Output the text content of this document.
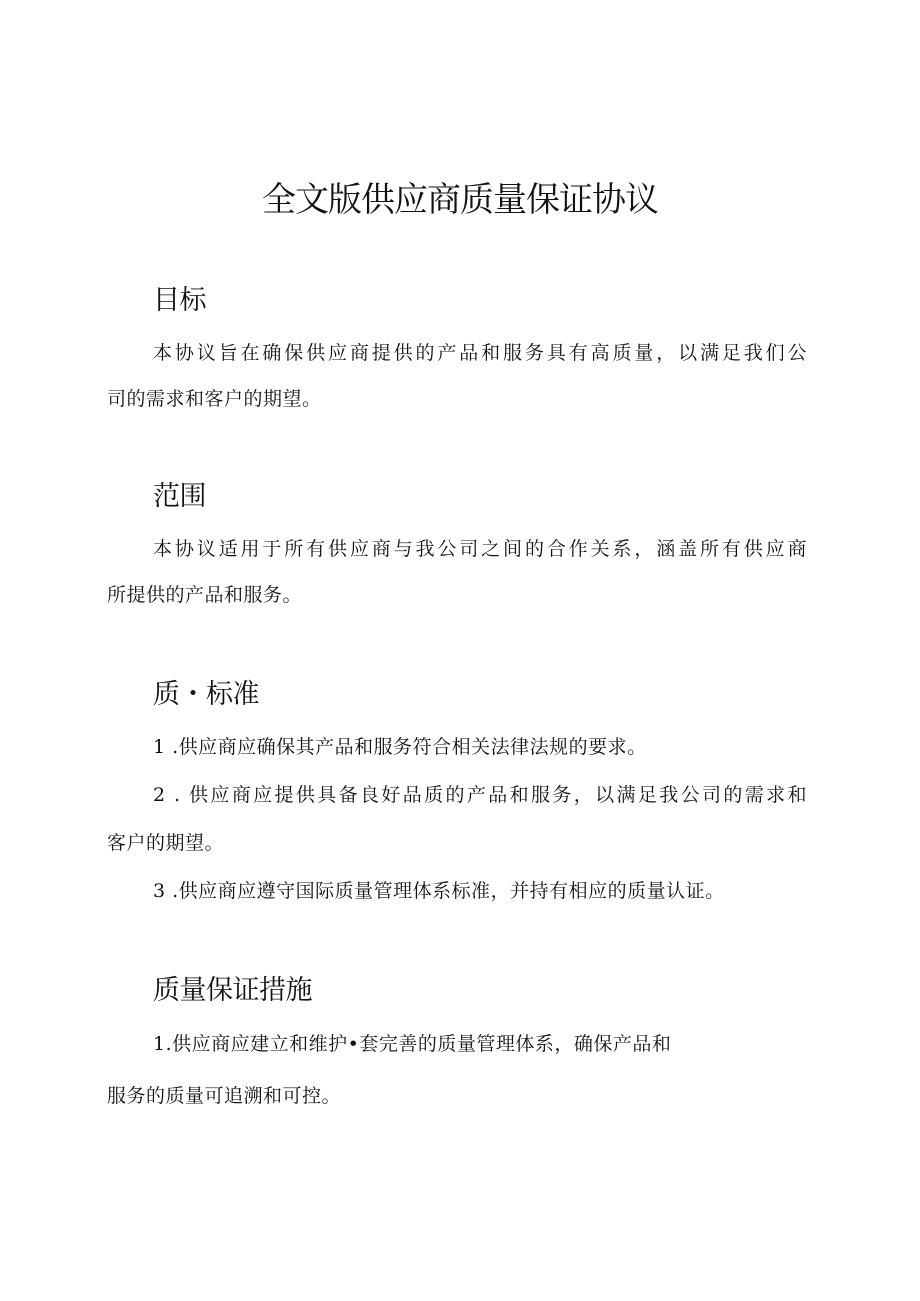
全文版供应商质量保证协议
目标
本协议旨在确保供应商提供的产品和服务具有高质量，以满足我们公
司的需求和客户的期望。
范围
本协议适用于所有供应商与我公司之间的合作关系，涵盖所有供应商
所提供的产品和服务。
质・标准
1 .供应商应确保其产品和服务符合相关法律法规的要求。
2 . 供应商应提供具备良好品质的产品和服务，以满足我公司的需求和
客户的期望。
3 .供应商应遵守国际质量管理体系标准，并持有相应的质量认证。
质量保证措施
1.供应商应建立和维护•套完善的质量管理体系，确保产品和
服务的质量可追溯和可控。
